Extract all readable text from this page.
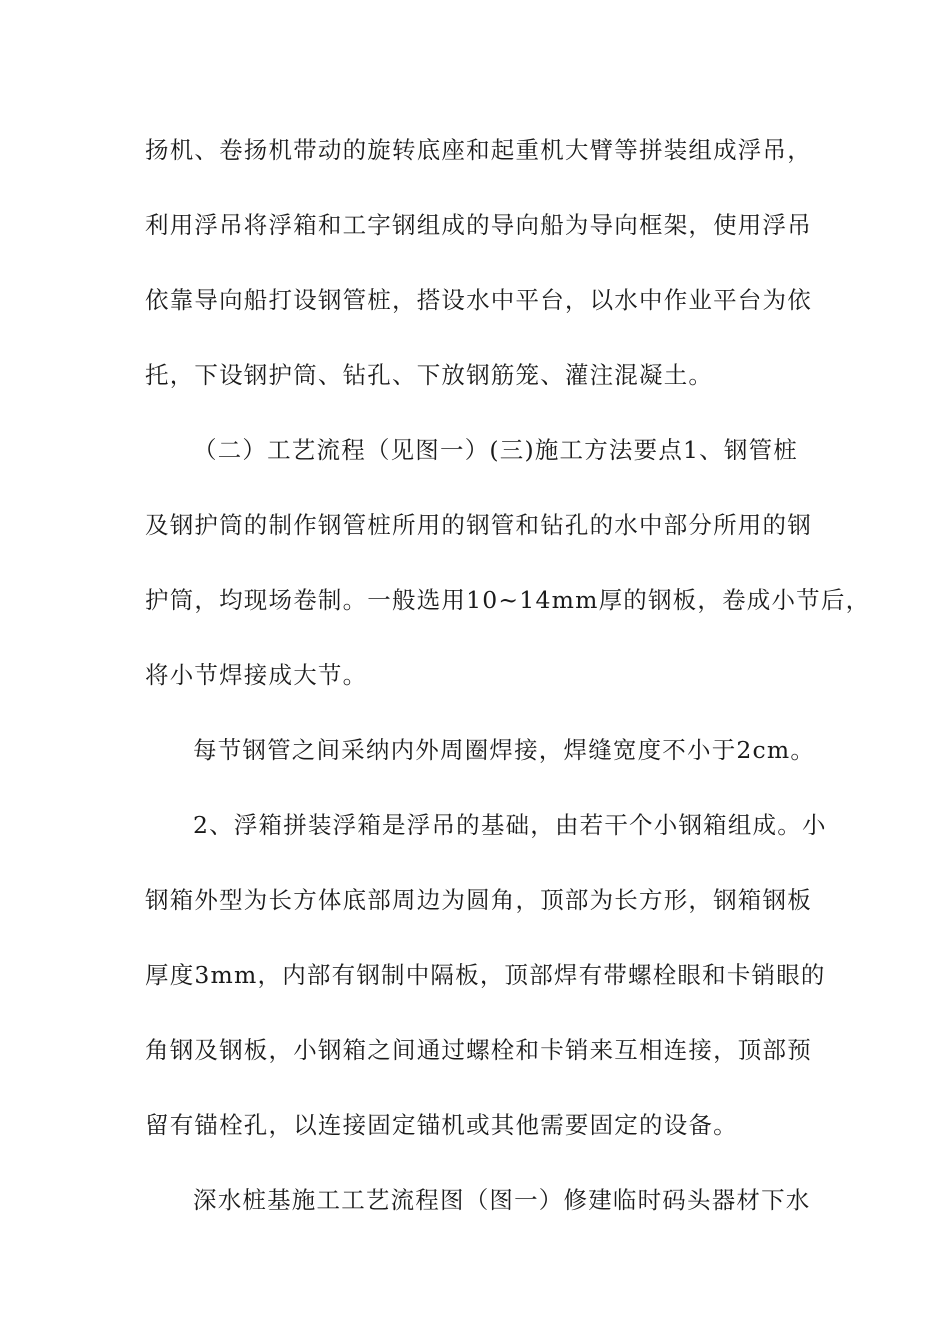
扬机、卷扬机带动的旋转底座和起重机大臂等拼装组成浮吊，
利用浮吊将浮箱和工字钢组成的导向船为导向框架，使用浮吊
依靠导向船打设钢管桩，搭设水中平台，以水中作业平台为依
托，下设钢护筒、钻孔、下放钢筋笼、灌注混凝土。
（二）工艺流程（见图一）(三)施工方法要点1、钢管桩
及钢护筒的制作钢管桩所用的钢管和钻孔的水中部分所用的钢
护筒，均现场卷制。一般选用10~14mm厚的钢板，卷成小节后，
将小节焊接成大节。
每节钢管之间采纳内外周圈焊接，焊缝宽度不小于2cm。
2、浮箱拼装浮箱是浮吊的基础，由若干个小钢箱组成。小
钢箱外型为长方体底部周边为圆角，顶部为长方形，钢箱钢板
厚度3mm，内部有钢制中隔板，顶部焊有带螺栓眼和卡销眼的
角钢及钢板，小钢箱之间通过螺栓和卡销来互相连接，顶部预
留有锚栓孔，以连接固定锚机或其他需要固定的设备。
深水桩基施工工艺流程图（图一）修建临时码头器材下水
